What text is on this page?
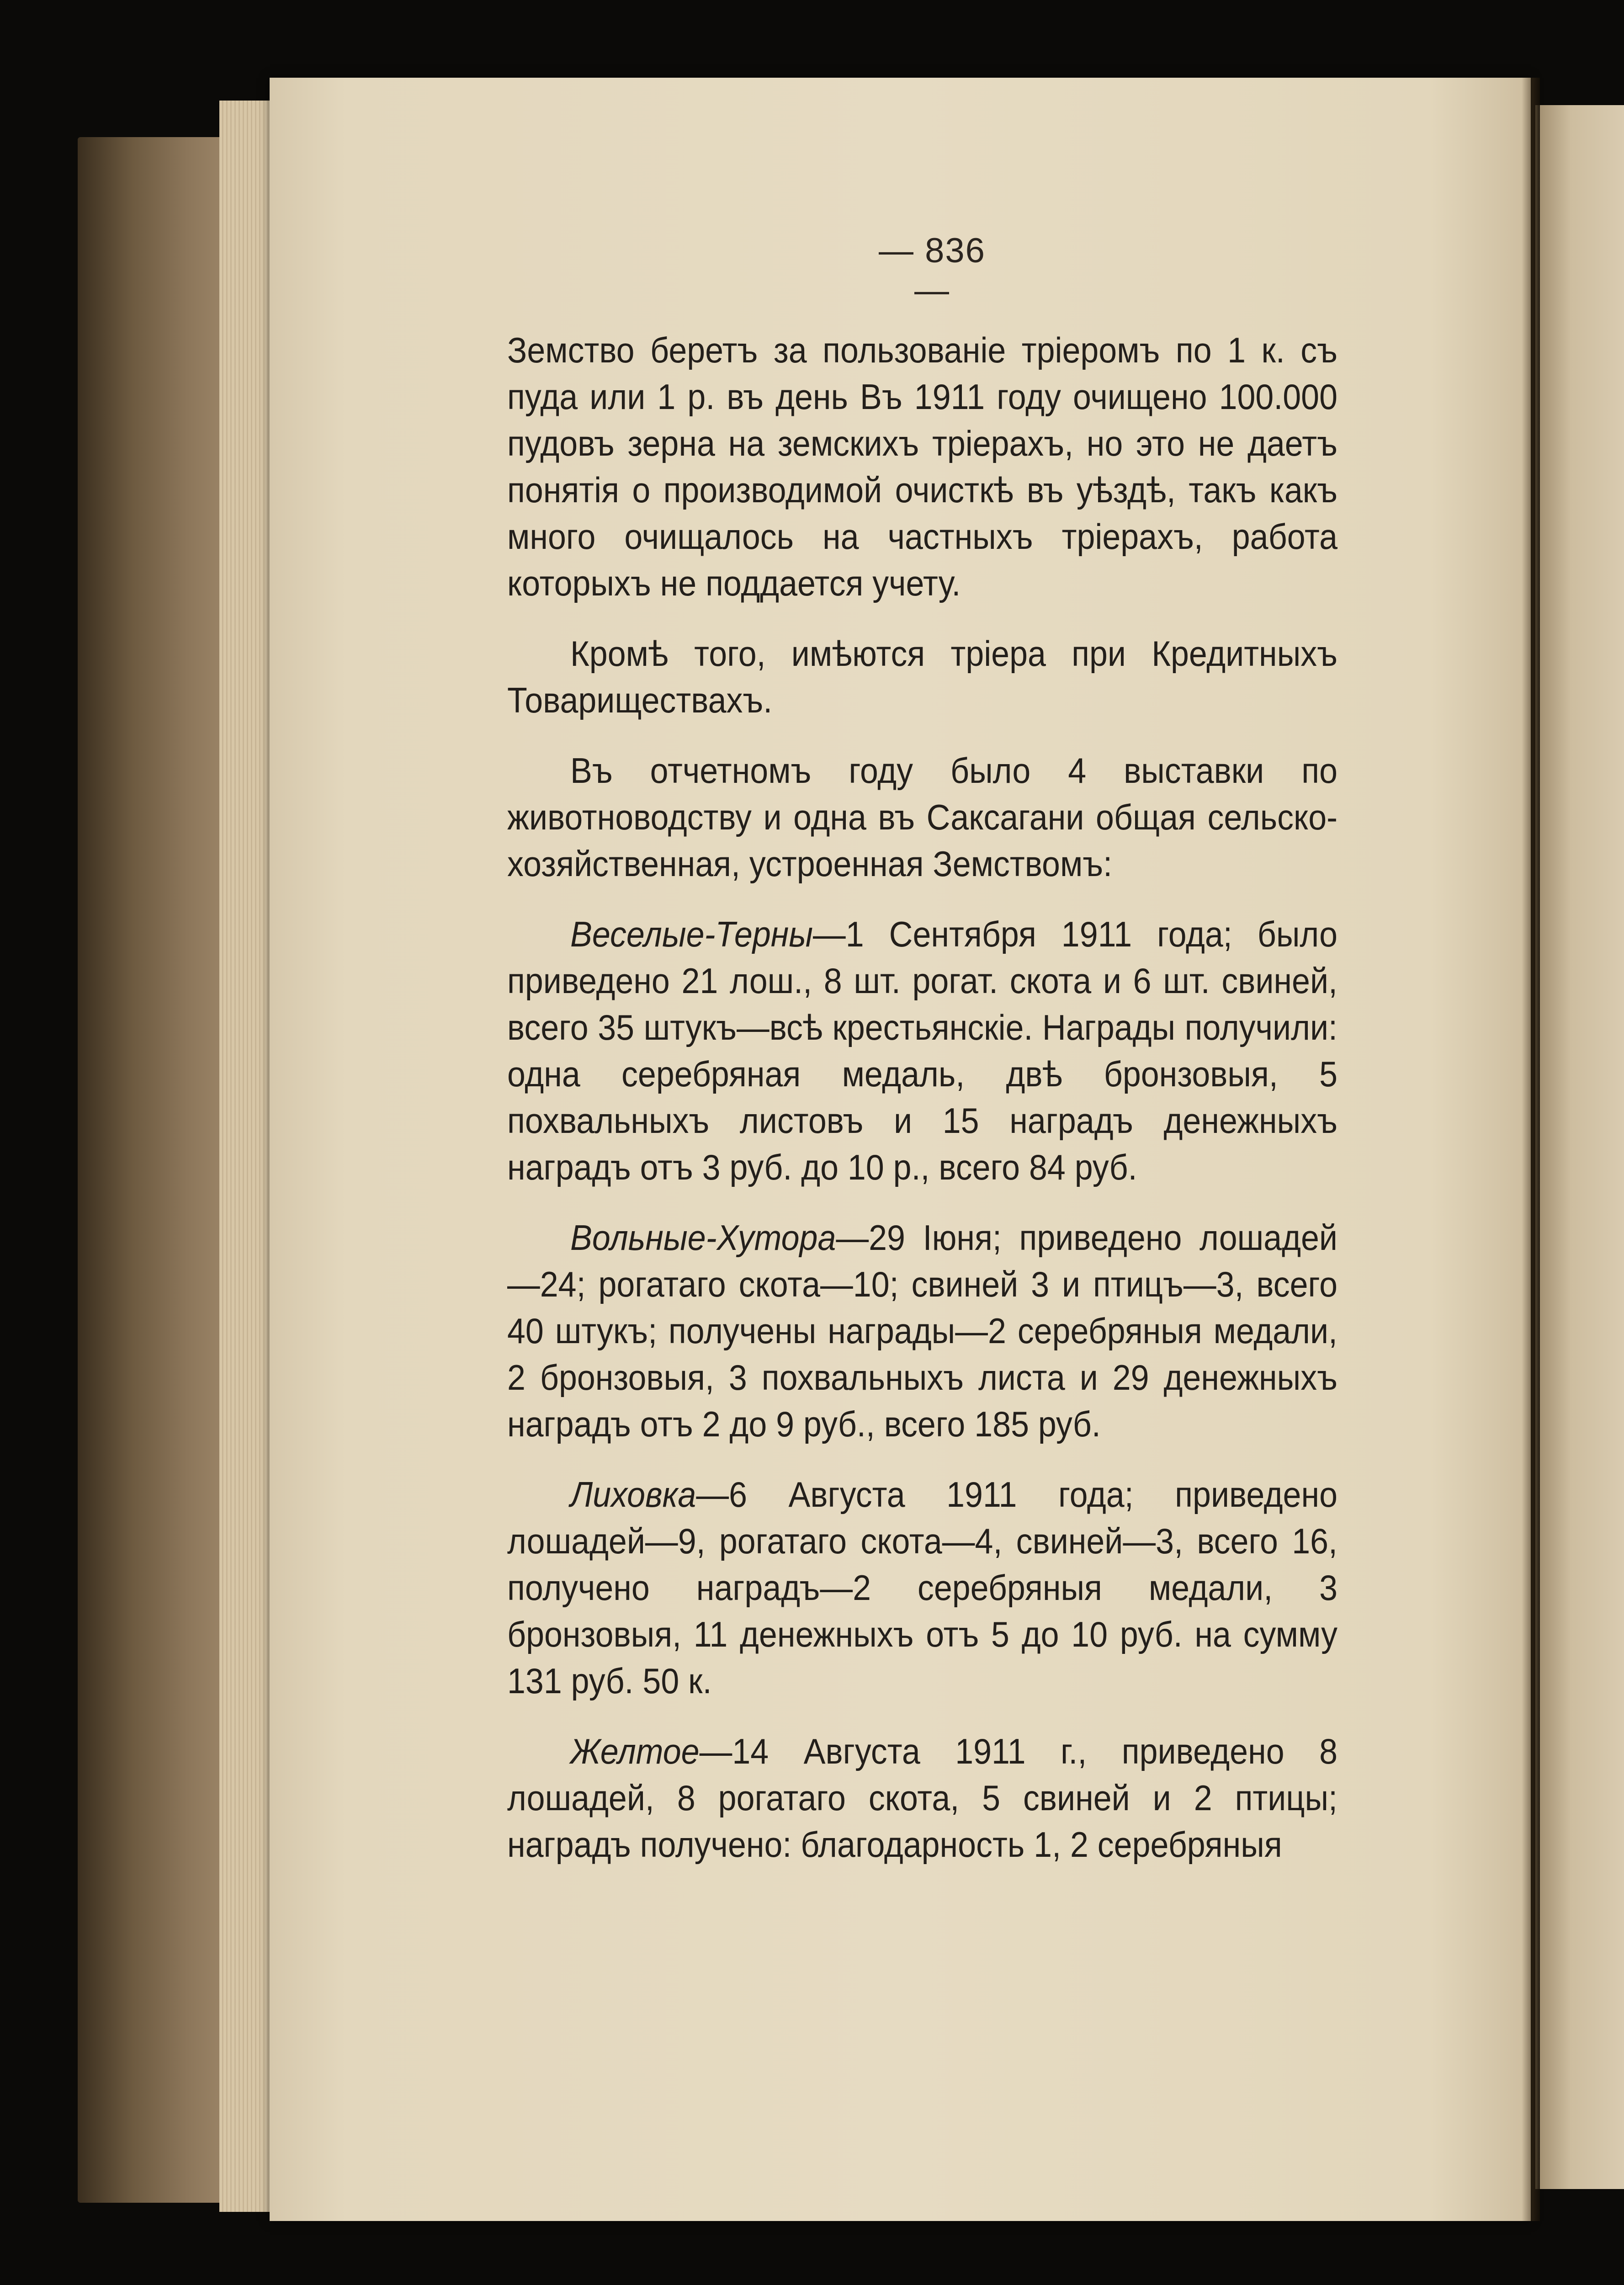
— 836 —

Земство беретъ за пользованіе тріеромъ по 1 к. съ пуда или 1 р. въ день Въ 1911 году очищено 100.000 пудовъ зерна на земскихъ тріерахъ, но это не даетъ понятія о производимой очисткѣ въ уѣздѣ, такъ какъ много очищалось на частныхъ тріерахъ, работа которыхъ не поддается учету.

Кромѣ того, имѣются тріера при Кредитныхъ Товариществахъ.

Въ отчетномъ году было 4 выставки по животноводству и одна въ Саксагани общая сельско-хозяйственная, устроенная Земствомъ:

Веселые-Терны—1 Сентября 1911 года; было приведено 21 лош., 8 шт. рогат. скота и 6 шт. свиней, всего 35 штукъ—всѣ крестьянскіе. Награды получили: одна серебряная медаль, двѣ бронзовыя, 5 похвальныхъ листовъ и 15 наградъ денежныхъ наградъ отъ 3 руб. до 10 р., всего 84 руб.

Вольные-Хутора—29 Іюня; приведено лошадей—24; рогатаго скота—10; свиней 3 и птицъ—3, всего 40 штукъ; получены награды—2 серебряныя медали, 2 бронзовыя, 3 похвальныхъ листа и 29 денежныхъ наградъ отъ 2 до 9 руб., всего 185 руб.

Лиховка—6 Августа 1911 года; приведено лошадей—9, рогатаго скота—4, свиней—3, всего 16, получено наградъ—2 серебряныя медали, 3 бронзовыя, 11 денежныхъ отъ 5 до 10 руб. на сумму 131 руб. 50 к.

Желтое—14 Августа 1911 г., приведено 8 лошадей, 8 рогатаго скота, 5 свиней и 2 птицы; наградъ получено: благодарность 1, 2 серебряныя
